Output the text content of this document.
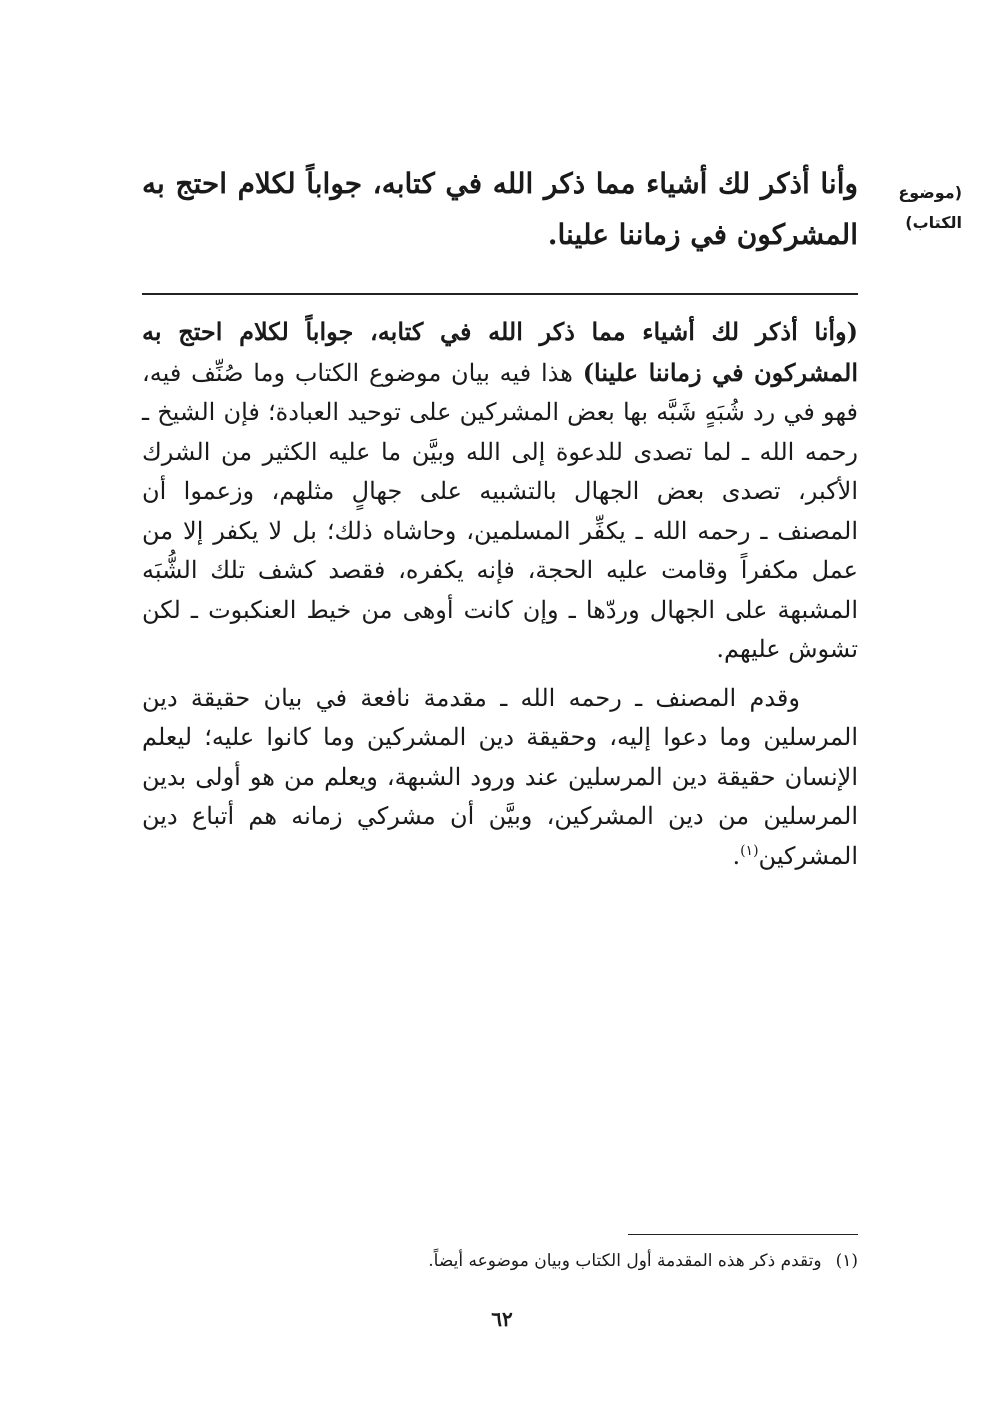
(موضوع الكتاب)
وأنا أذكر لك أشياء مما ذكر الله في كتابه، جواباً لكلام احتج به المشركون في زماننا علينا.

(وأنا أذكر لك أشياء مما ذكر الله في كتابه، جواباً لكلام احتج به المشركون في زماننا علينا) هذا فيه بيان موضوع الكتاب وما صُنِّف فيه، فهو في رد شُبَهٍ شَبَّه بها بعض المشركين على توحيد العبادة؛ فإن الشيخ ـ رحمه الله ـ لما تصدى للدعوة إلى الله وبيَّن ما عليه الكثير من الشرك الأكبر، تصدى بعض الجهال بالتشبيه على جهالٍ مثلهم، وزعموا أن المصنف ـ رحمه الله ـ يكفِّر المسلمين، وحاشاه ذلك؛ بل لا يكفر إلا من عمل مكفراً وقامت عليه الحجة، فإنه يكفره، فقصد كشف تلك الشُّبَه المشبهة على الجهال وردّها ـ وإن كانت أوهى من خيط العنكبوت ـ لكن تشوش عليهم.

وقدم المصنف ـ رحمه الله ـ مقدمة نافعة في بيان حقيقة دين المرسلين وما دعوا إليه، وحقيقة دين المشركين وما كانوا عليه؛ ليعلم الإنسان حقيقة دين المرسلين عند ورود الشبهة، ويعلم من هو أولى بدين المرسلين من دين المشركين، وبيَّن أن مشركي زمانه هم أتباع دين المشركين$^{(١)}$.

(١)وتقدم ذكر هذه المقدمة أول الكتاب وبيان موضوعه أيضاً.
٦٢
